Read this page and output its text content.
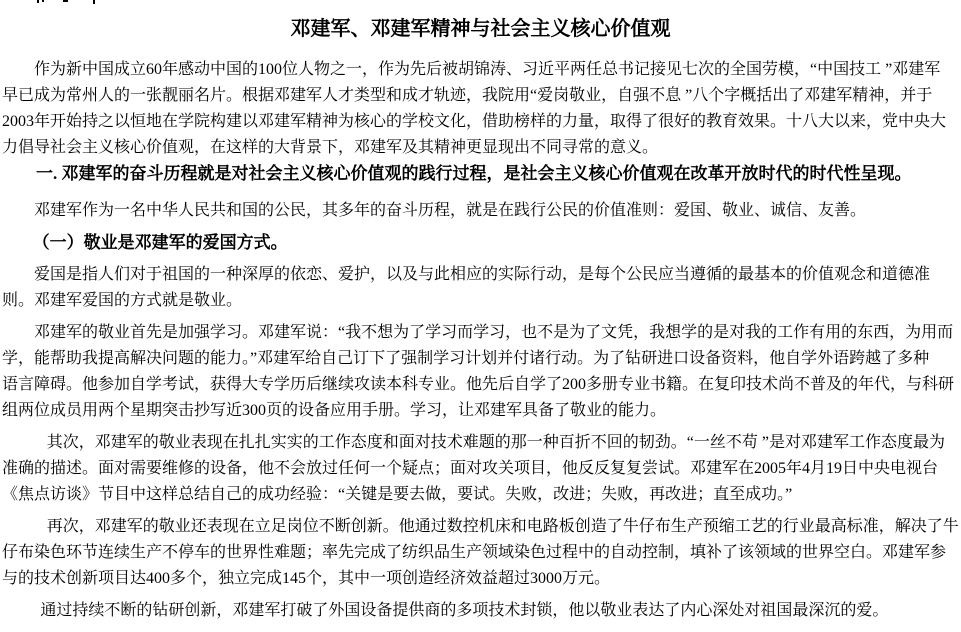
邓建军、邓建军精神与社会主义核心价值观
作为新中国成立60年感动中国的100位人物之一，作为先后被胡锦涛、习近平两任总书记接见七次的全国劳模，“中国技工 ”邓建军
早已成为常州人的一张靓丽名片。根据邓建军人才类型和成才轨迹，我院用“爱岗敬业，自强不息 ”八个字概括出了邓建军精神，并于
2003年开始持之以恒地在学院构建以邓建军精神为核心的学校文化，借助榜样的力量，取得了很好的教育效果。十八大以来，党中央大
力倡导社会主义核心价值观，在这样的大背景下，邓建军及其精神更显现出不同寻常的意义。
一. 邓建军的奋斗历程就是对社会主义核心价值观的践行过程，是社会主义核心价值观在改革开放时代的时代性呈现。
邓建军作为一名中华人民共和国的公民，其多年的奋斗历程，就是在践行公民的价值准则：爱国、敬业、诚信、友善。
（一）敬业是邓建军的爱国方式。
爱国是指人们对于祖国的一种深厚的依恋、爱护，以及与此相应的实际行动，是每个公民应当遵循的最基本的价值观念和道德准
则。邓建军爱国的方式就是敬业。
邓建军的敬业首先是加强学习。邓建军说：“我不想为了学习而学习，也不是为了文凭，我想学的是对我的工作有用的东西，为用而
学，能帮助我提高解决问题的能力。”邓建军给自己订下了强制学习计划并付诸行动。为了钻研进口设备资料，他自学外语跨越了多种
语言障碍。他参加自学考试，获得大专学历后继续攻读本科专业。他先后自学了200多册专业书籍。在复印技术尚不普及的年代，与科研
组两位成员用两个星期突击抄写近300页的设备应用手册。学习，让邓建军具备了敬业的能力。
其次，邓建军的敬业表现在扎扎实实的工作态度和面对技术难题的那一种百折不回的韧劲。“一丝不苟 ”是对邓建军工作态度最为
准确的描述。面对需要维修的设备，他不会放过任何一个疑点；面对攻关项目，他反反复复尝试。邓建军在2005年4月19日中央电视台
《焦点访谈》节目中这样总结自己的成功经验：“关键是要去做，要试。失败，改进；失败，再改进；直至成功。”
再次，邓建军的敬业还表现在立足岗位不断创新。他通过数控机床和电路板创造了牛仔布生产预缩工艺的行业最高标准，解决了牛
仔布染色环节连续生产不停车的世界性难题；率先完成了纺织品生产领域染色过程中的自动控制，填补了该领域的世界空白。邓建军参
与的技术创新项目达400多个，独立完成145个，其中一项创造经济效益超过3000万元。
通过持续不断的钻研创新，邓建军打破了外国设备提供商的多项技术封锁，他以敬业表达了内心深处对祖国最深沉的爱。
